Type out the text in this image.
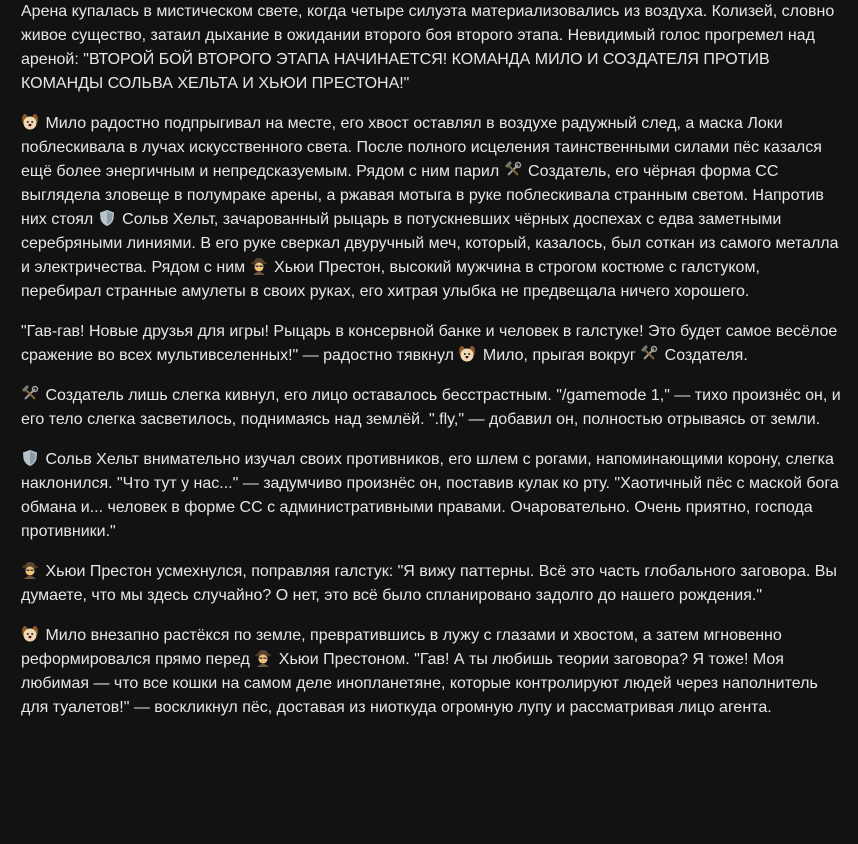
Арена купалась в мистическом свете, когда четыре силуэта материализовались из воздуха. Колизей, словно живое существо, затаил дыхание в ожидании второго боя второго этапа. Невидимый голос прогремел над ареной: "ВТОРОЙ БОЙ ВТОРОГО ЭТАПА НАЧИНАЕТСЯ! КОМАНДА МИЛО И СОЗДАТЕЛЯ ПРОТИВ КОМАНДЫ СОЛЬВА ХЕЛЬТА И ХЬЮИ ПРЕСТОНА!"

Мило радостно подпрыгивал на месте, его хвост оставлял в воздухе радужный след, а маска Локи поблескивала в лучах искусственного света. После полного исцеления таинственными силами пёс казался ещё более энергичным и непредсказуемым. Рядом с ним парил
Создатель, его чёрная форма СС выглядела зловеще в полумраке арены, а ржавая мотыга в руке поблескивала странным светом. Напротив них стоял
Сольв Хельт, зачарованный рыцарь в потускневших чёрных доспехах с едва заметными серебряными линиями. В его руке сверкал двуручный меч, который, казалось, был соткан из самого металла и электричества. Рядом с ним
Хьюи Престон, высокий мужчина в строгом костюме с галстуком, перебирал странные амулеты в своих руках, его хитрая улыбка не предвещала ничего хорошего.

"Гав-гав! Новые друзья для игры! Рыцарь в консервной банке и человек в галстуке! Это будет самое весёлое сражение во всех мультивселенных!" — радостно тявкнул
Мило, прыгая вокруг
Создателя.

Создатель лишь слегка кивнул, его лицо оставалось бесстрастным. "/gamemode 1," — тихо произнёс он, и его тело слегка засветилось, поднимаясь над землёй. ".fly," — добавил он, полностью отрываясь от земли.

Сольв Хельт внимательно изучал своих противников, его шлем с рогами, напоминающими корону, слегка наклонился. "Что тут у нас..." — задумчиво произнёс он, поставив кулак ко рту. "Хаотичный пёс с маской бога обмана и... человек в форме СС с административными правами. Очаровательно. Очень приятно, господа противники."

Хьюи Престон усмехнулся, поправляя галстук: "Я вижу паттерны. Всё это часть глобального заговора. Вы думаете, что мы здесь случайно? О нет, это всё было спланировано задолго до нашего рождения."

Мило внезапно растёкся по земле, превратившись в лужу с глазами и хвостом, а затем мгновенно реформировался прямо перед
Хьюи Престоном. "Гав! А ты любишь теории заговора? Я тоже! Моя любимая — что все кошки на самом деле инопланетяне, которые контролируют людей через наполнитель для туалетов!" — воскликнул пёс, доставая из ниоткуда огромную лупу и рассматривая лицо агента.
